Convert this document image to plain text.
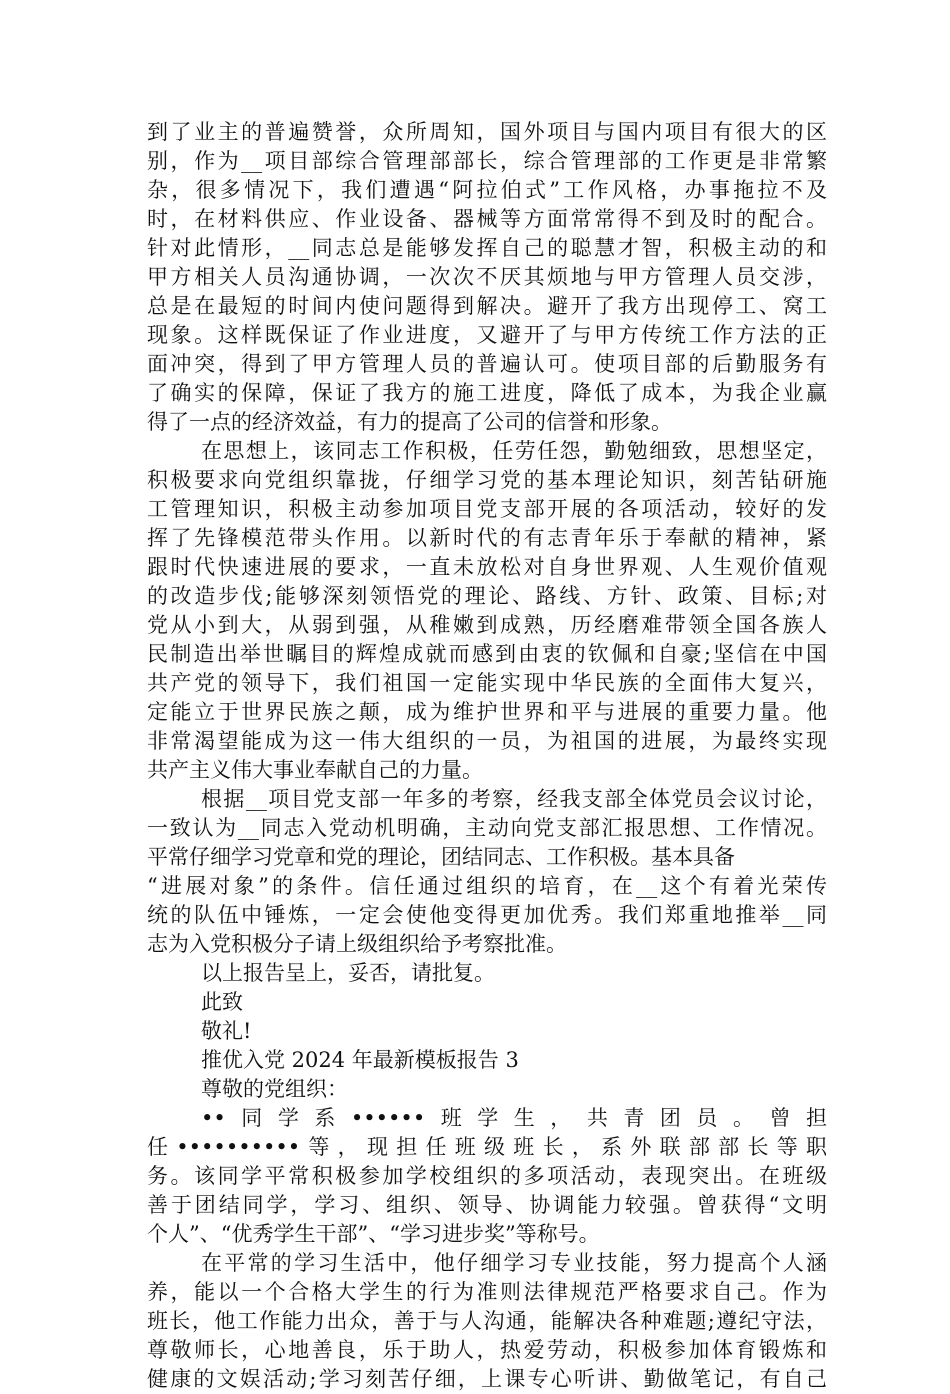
到了业主的普遍赞誉，众所周知，国外项目与国内项目有很大的区
别，作为__项目部综合管理部部长，综合管理部的工作更是非常繁
杂，很多情况下，我们遭遇“阿拉伯式”工作风格，办事拖拉不及
时，在材料供应、作业设备、器械等方面常常得不到及时的配合。
针对此情形，__同志总是能够发挥自己的聪慧才智，积极主动的和
甲方相关人员沟通协调，一次次不厌其烦地与甲方管理人员交涉，
总是在最短的时间内使问题得到解决。避开了我方出现停工、窝工
现象。这样既保证了作业进度，又避开了与甲方传统工作方法的正
面冲突，得到了甲方管理人员的普遍认可。使项目部的后勤服务有
了确实的保障，保证了我方的施工进度，降低了成本，为我企业赢
得了一点的经济效益，有力的提高了公司的信誉和形象。
在思想上，该同志工作积极，任劳任怨，勤勉细致，思想坚定，
积极要求向党组织靠拢，仔细学习党的基本理论知识，刻苦钻研施
工管理知识，积极主动参加项目党支部开展的各项活动，较好的发
挥了先锋模范带头作用。以新时代的有志青年乐于奉献的精神，紧
跟时代快速进展的要求，一直未放松对自身世界观、人生观价值观
的改造步伐;能够深刻领悟党的理论、路线、方针、政策、目标;对
党从小到大，从弱到强，从稚嫩到成熟，历经磨难带领全国各族人
民制造出举世瞩目的辉煌成就而感到由衷的钦佩和自豪;坚信在中国
共产党的领导下，我们祖国一定能实现中华民族的全面伟大复兴，
定能立于世界民族之颠，成为维护世界和平与进展的重要力量。他
非常渴望能成为这一伟大组织的一员，为祖国的进展，为最终实现
共产主义伟大事业奉献自己的力量。
根据__项目党支部一年多的考察，经我支部全体党员会议讨论，
一致认为__同志入党动机明确，主动向党支部汇报思想、工作情况。
平常仔细学习党章和党的理论，团结同志、工作积极。基本具备
“进展对象”的条件。信任通过组织的培育，在__这个有着光荣传
统的队伍中锤炼，一定会使他变得更加优秀。我们郑重地推举__同
志为入党积极分子请上级组织给予考察批准。
以上报告呈上，妥否，请批复。
此致
敬礼!
推优入党 2024 年最新模板报告 3
尊敬的党组织：
••同学系••••••班学生，共青团员。曾担
任••••••••••等，现担任班级班长，系外联部部长等职
务。该同学平常积极参加学校组织的多项活动，表现突出。在班级
善于团结同学，学习、组织、领导、协调能力较强。曾获得“文明
个人”、“优秀学生干部”、“学习进步奖”等称号。
在平常的学习生活中，他仔细学习专业技能，努力提高个人涵
养，能以一个合格大学生的行为准则法律规范严格要求自己。作为
班长，他工作能力出众，善于与人沟通，能解决各种难题;遵纪守法，
尊敬师长，心地善良，乐于助人，热爱劳动，积极参加体育锻炼和
健康的文娱活动;学习刻苦仔细，上课专心听讲、勤做笔记，有自己
